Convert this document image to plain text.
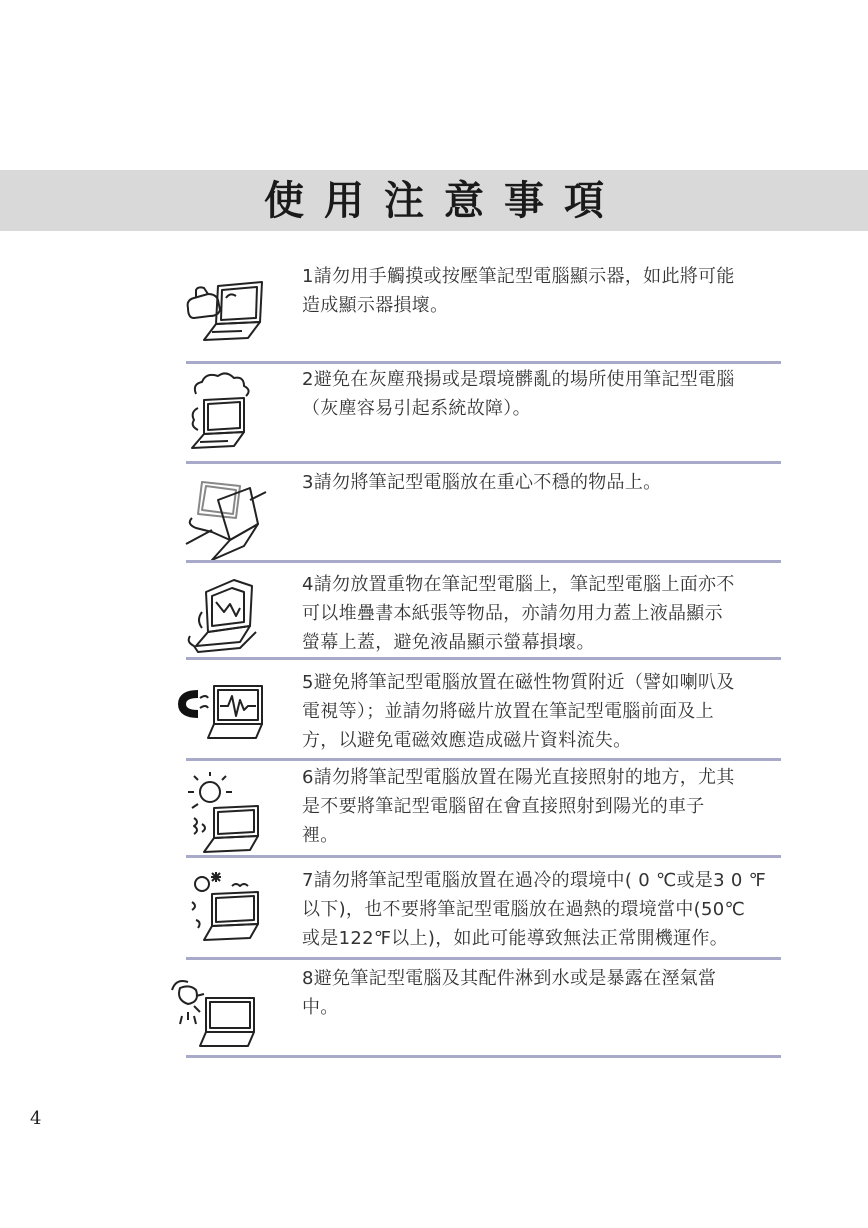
使用注意事項
1請勿用手觸摸或按壓筆記型電腦顯示器，如此將可能
造成顯示器損壞。
2避免在灰塵飛揚或是環境髒亂的場所使用筆記型電腦
（灰塵容易引起系統故障）。
3請勿將筆記型電腦放在重心不穩的物品上。
4請勿放置重物在筆記型電腦上，筆記型電腦上面亦不
可以堆疊書本紙張等物品，亦請勿用力蓋上液晶顯示
螢幕上蓋，避免液晶顯示螢幕損壞。
5避免將筆記型電腦放置在磁性物質附近（譬如喇叭及
電視等）；並請勿將磁片放置在筆記型電腦前面及上
方，以避免電磁效應造成磁片資料流失。
6請勿將筆記型電腦放置在陽光直接照射的地方，尤其
是不要將筆記型電腦留在會直接照射到陽光的車子
裡。
7請勿將筆記型電腦放置在過冷的環境中( 0 ℃或是3 0 ℉
以下)，也不要將筆記型電腦放在過熱的環境當中(50℃
或是122℉以上)，如此可能導致無法正常開機運作。
8避免筆記型電腦及其配件淋到水或是暴露在溼氣當
中。
4
